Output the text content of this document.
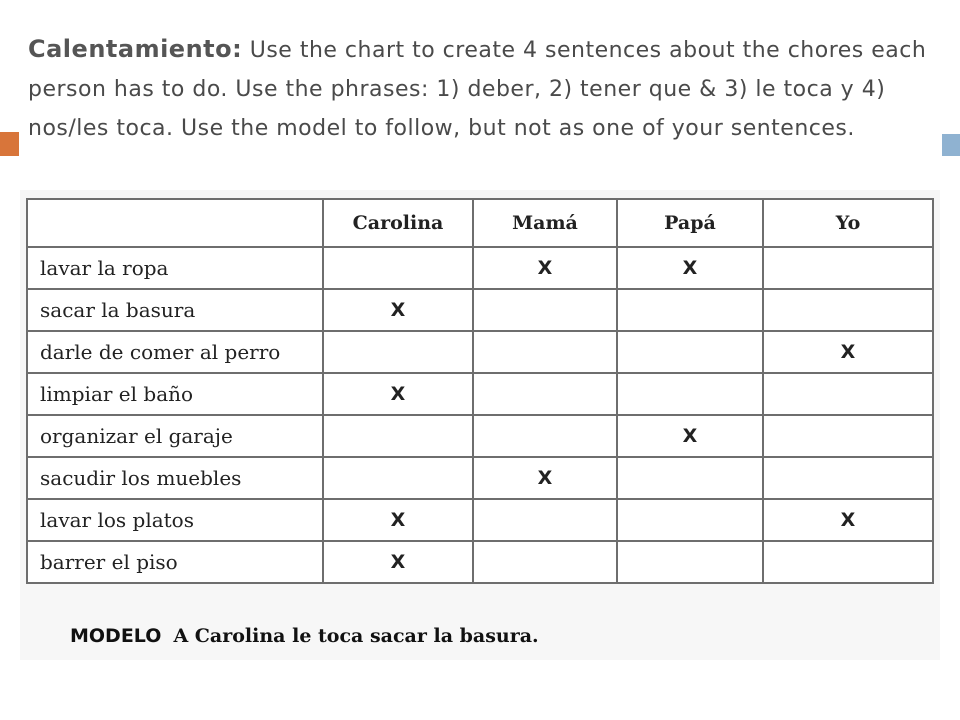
Calentamiento: Use the chart to create 4 sentences about the chores each person has to do. Use the phrases: 1) deber, 2) tener que & 3) le toca y 4) nos/les toca. Use the model to follow, but not as one of your sentences.

	Carolina	Mamá	Papá	Yo
lavar la ropa		X	X	
sacar la basura	X			
darle de comer al perro				X
limpiar el baño	X			
organizar el garaje			X	
sacudir los muebles		X		
lavar los platos	X			X
barrer el piso	X			
MODELO A Carolina le toca sacar la basura.
